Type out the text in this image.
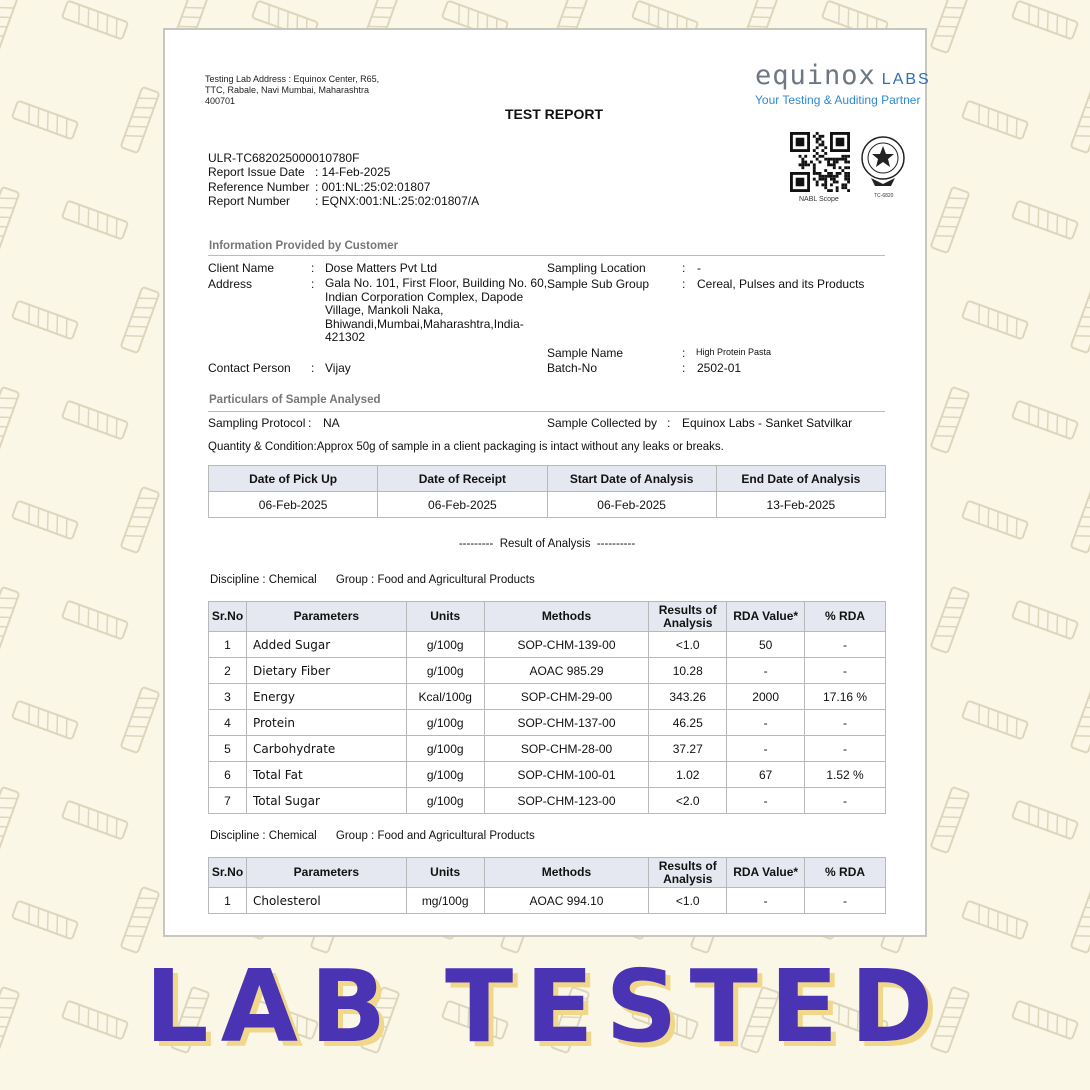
Testing Lab Address : Equinox Center, R65,
TTC, Rabale, Navi Mumbai, Maharashtra
400701
TEST REPORT
equinox LABS
Your Testing & Auditing Partner
NABL Scope	TC-6820
ULR-TC682025000010780F
Report Issue Date : 14-Feb-2025
Reference Number : 001:NL:25:02:01807
Report Number	: EQNX:001:NL:25:02:01807/A
Information Provided by Customer
Client Name	: Dose Matters Pvt Ltd
Address	: Gala No. 101, First Floor, Building No. 60,
Indian Corporation Complex, Dapode
Village, Mankoli Naka,
Bhiwandi,Mumbai,Maharashtra,India-
421302
Contact Person : Vijay
Sampling Location	: -
Sample Sub Group	: Cereal, Pulses and its Products
Sample Name	: High Protein Pasta
Batch-No	: 2502-01
Particulars of Sample Analysed
Sampling Protocol : NA	Sample Collected by : Equinox Labs - Sanket Satvilkar
Quantity & Condition:Approx 50g of sample in a client packaging is intact without any leaks or breaks.
Date of Pick Up	Date of Receipt	Start Date of Analysis	End Date of Analysis
06-Feb-2025	06-Feb-2025	06-Feb-2025	13-Feb-2025
---------  Result of Analysis  ----------
Discipline : Chemical      Group : Food and Agricultural Products
Sr.No	Parameters	Units	Methods	Results of Analysis	RDA Value*	% RDA
1	Added Sugar	g/100g	SOP-CHM-139-00	<1.0	50	-
2	Dietary Fiber	g/100g	AOAC 985.29	10.28	-	-
3	Energy	Kcal/100g	SOP-CHM-29-00	343.26	2000	17.16 %
4	Protein	g/100g	SOP-CHM-137-00	46.25	-	-
5	Carbohydrate	g/100g	SOP-CHM-28-00	37.27	-	-
6	Total Fat	g/100g	SOP-CHM-100-01	1.02	67	1.52 %
7	Total Sugar	g/100g	SOP-CHM-123-00	<2.0	-	-
Discipline : Chemical      Group : Food and Agricultural Products
Sr.No	Parameters	Units	Methods	Results of Analysis	RDA Value*	% RDA
1	Cholesterol	mg/100g	AOAC 994.10	<1.0	-	-
LAB TESTED
